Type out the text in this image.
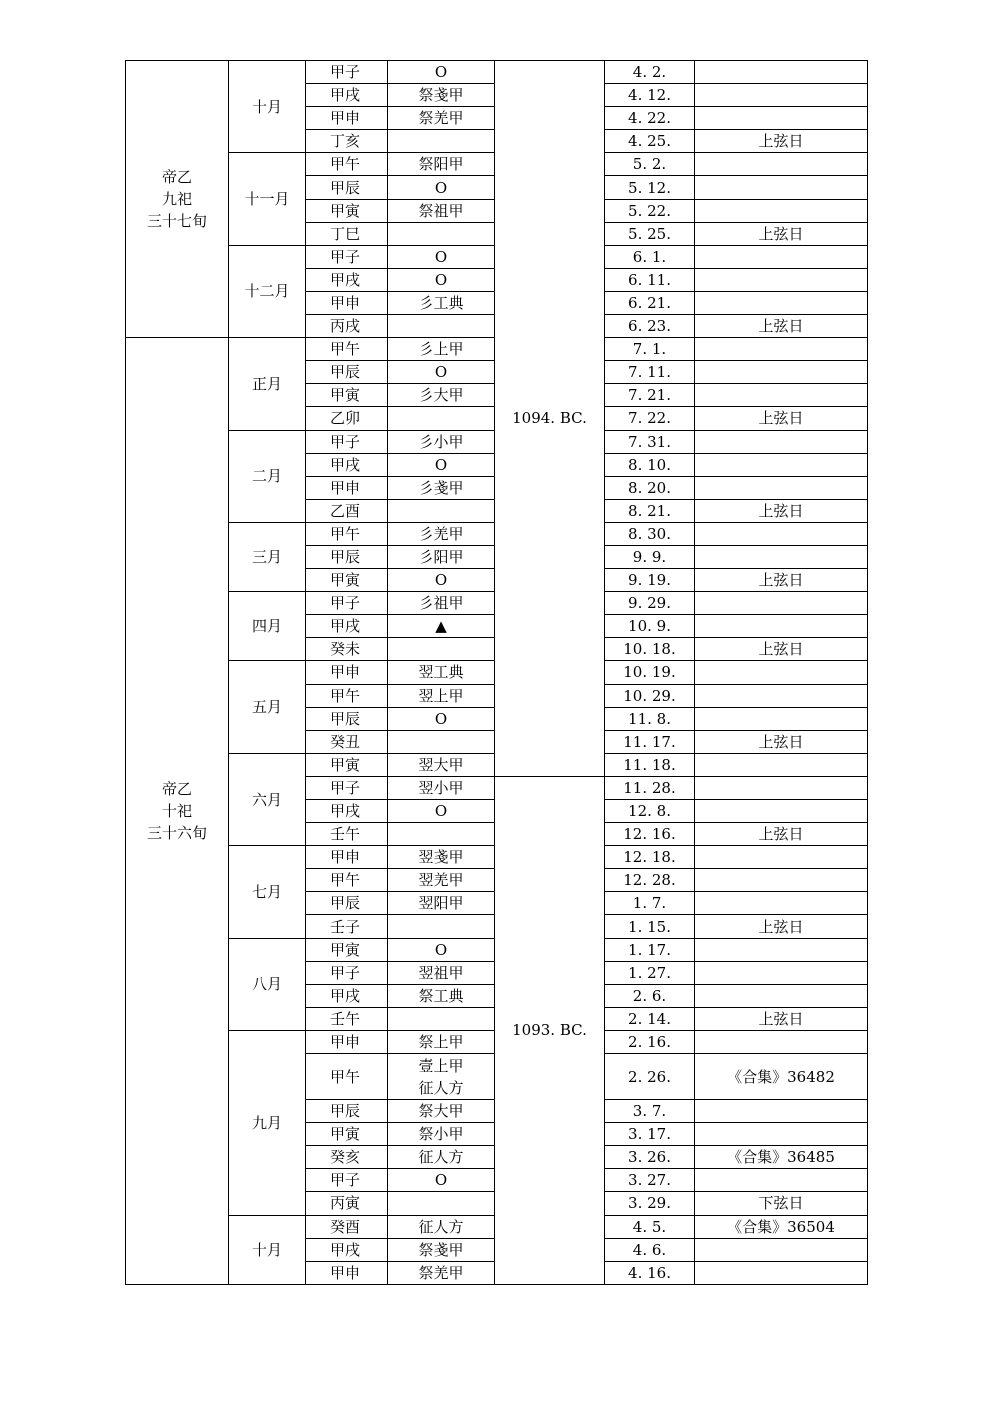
帝乙
九祀
三十七旬	十月	甲子	O	1094. BC.	4. 2.	
		甲戌	祭戔甲		4. 12.	
		甲申	祭羌甲		4. 22.	
		丁亥			4. 25.	上弦日
	十一月	甲午	祭阳甲		5. 2.	
		甲辰	O		5. 12.	
		甲寅	祭祖甲		5. 22.	
		丁巳			5. 25.	上弦日
	十二月	甲子	O		6. 1.	
		甲戌	O		6. 11.	
		甲申	彡工典		6. 21.	
		丙戌			6. 23.	上弦日

帝乙
十祀
三十六旬	正月	甲午	彡上甲		7. 1.	
		甲辰	O		7. 11.	
		甲寅	彡大甲		7. 21.	
		乙卯			7. 22.	上弦日
	二月	甲子	彡小甲		7. 31.	
		甲戌	O		8. 10.	
		甲申	彡戔甲		8. 20.	
		乙酉			8. 21.	上弦日
	三月	甲午	彡羌甲		8. 30.	
		甲辰	彡阳甲		9. 9.	
		甲寅	O		9. 19.	上弦日
	四月	甲子	彡祖甲		9. 29.	
		甲戌	▲		10. 9.	
		癸未			10. 18.	上弦日
	五月	甲申	翌工典		10. 19.	
		甲午	翌上甲		10. 29.	
		甲辰	O		11. 8.	
		癸丑			11. 17.	上弦日
	六月	甲寅	翌大甲		11. 18.	
		甲子	翌小甲	1093. BC.	11. 28.	
		甲戌	O		12. 8.	
		壬午			12. 16.	上弦日
	七月	甲申	翌戔甲		12. 18.	
		甲午	翌羌甲		12. 28.	
		甲辰	翌阳甲		1. 7.	
		壬子			1. 15.	上弦日
	八月	甲寅	O		1. 17.	
		甲子	翌祖甲		1. 27.	
		甲戌	祭工典		2. 6.	
		壬午			2. 14.	上弦日
	九月	甲申	祭上甲		2. 16.	
		甲午	壹上甲
征人方		2. 26.	《合集》36482
		甲辰	祭大甲		3. 7.	
		甲寅	祭小甲		3. 17.	
		癸亥	征人方		3. 26.	《合集》36485
		甲子	O		3. 27.	
		丙寅			3. 29.	下弦日
	十月	癸酉	征人方		4. 5.	《合集》36504
		甲戌	祭戔甲		4. 6.	
		甲申	祭羌甲		4. 16.	
